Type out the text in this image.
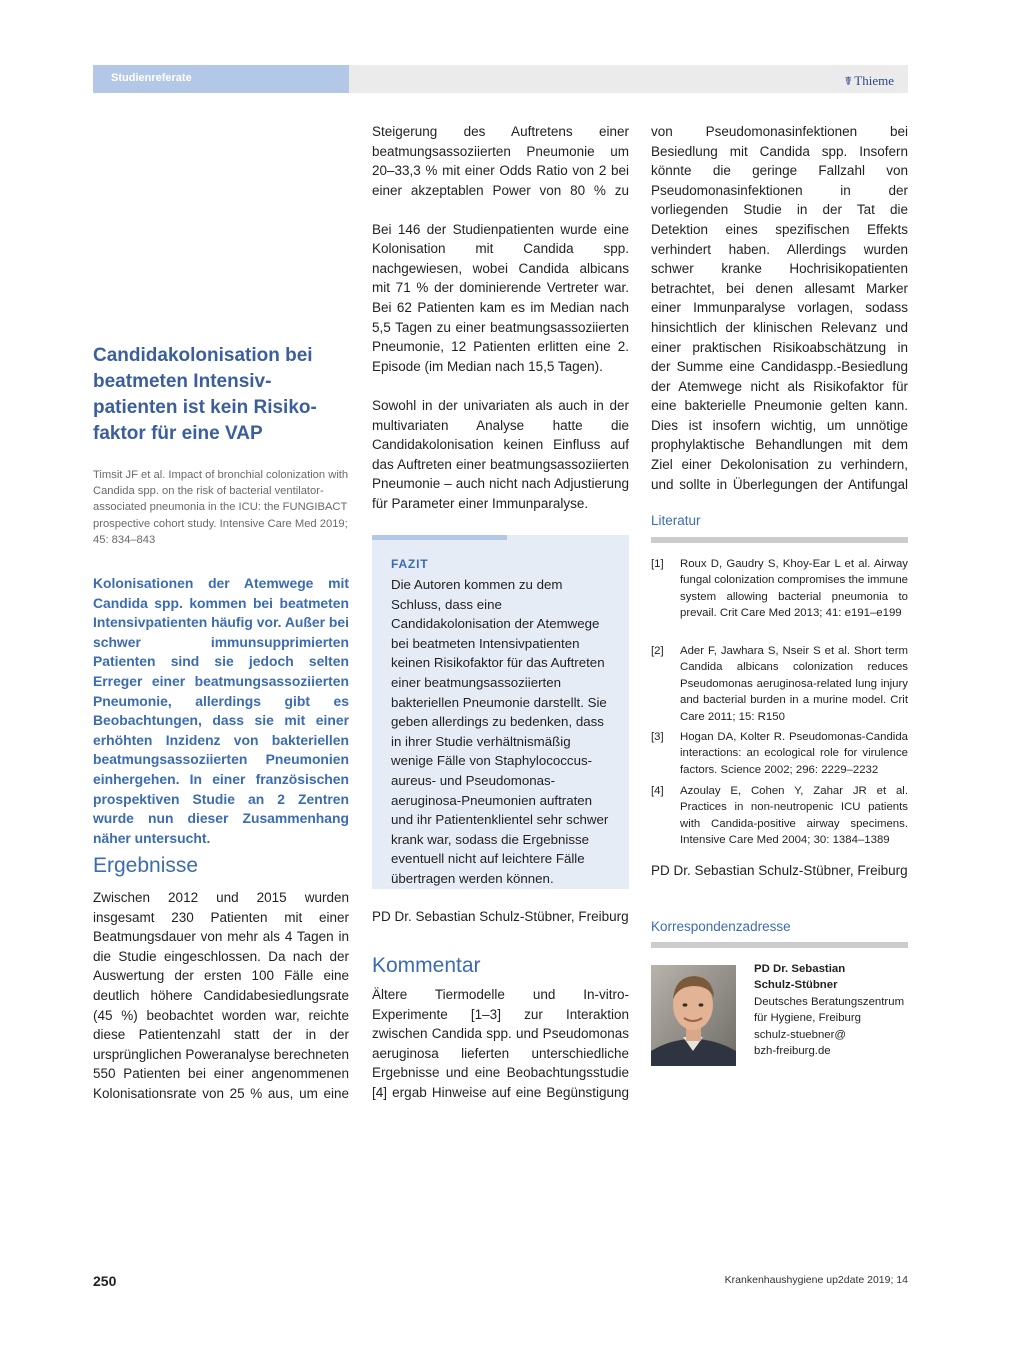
Studienreferate	☤ Thieme
Candidakolonisation bei beatmeten Intensiv-patienten ist kein Risiko-faktor für eine VAP
Timsit JF et al. Impact of bronchial colonization with Candida spp. on the risk of bacterial ventilator-associated pneumonia in the ICU: the FUNGIBACT prospective cohort study. Intensive Care Med 2019; 45: 834–843
Kolonisationen der Atemwege mit Candida spp. kommen bei beatmeten Intensivpatienten häufig vor. Außer bei schwer immunsupprimierten Patienten sind sie jedoch selten Erreger einer beatmungsassoziierten Pneumonie, allerdings gibt es Beobachtungen, dass sie mit einer erhöhten Inzidenz von bakteriellen beatmungsassoziierten Pneumonien einhergehen. In einer französischen prospektiven Studie an 2 Zentren wurde nun dieser Zusammenhang näher untersucht.
Ergebnisse

Zwischen 2012 und 2015 wurden insgesamt 230 Patienten mit einer Beatmungsdauer von mehr als 4 Tagen in die Studie eingeschlossen. Da nach der Auswertung der ersten 100 Fälle eine deutlich höhere Candidabesiedlungsrate (45 %) beobachtet worden war, reichte diese Patientenzahl statt der in der ursprünglichen Poweranalyse berechneten 550 Patienten bei einer angenommenen Kolonisationsrate von 25 % aus, um eine

Steigerung des Auftretens einer beatmungsassoziierten Pneumonie um 20–33,3 % mit einer Odds Ratio von 2 bei einer akzeptablen Power von 80 % zu

Bei 146 der Studienpatienten wurde eine Kolonisation mit Candida spp. nachgewiesen, wobei Candida albicans mit 71 % der dominierende Vertreter war. Bei 62 Patienten kam es im Median nach 5,5 Tagen zu einer beatmungsassoziierten Pneumonie, 12 Patienten erlitten eine 2. Episode (im Median nach 15,5 Tagen).

Sowohl in der univariaten als auch in der multivariaten Analyse hatte die Candidakolonisation keinen Einfluss auf das Auftreten einer beatmungsassoziierten Pneumonie – auch nicht nach Adjustierung für Parameter einer Immunparalyse.

FAZIT
Die Autoren kommen zu dem Schluss, dass eine Candidakolonisation der Atemwege bei beatmeten Intensivpatienten keinen Risikofaktor für das Auftreten einer beatmungsassoziierten bakteriellen Pneumonie darstellt. Sie geben allerdings zu bedenken, dass in ihrer Studie verhältnismäßig wenige Fälle von Staphylococcus-aureus- und Pseudomonas-aeruginosa-Pneumonien auftraten und ihr Patientenklientel sehr schwer krank war, sodass die Ergebnisse eventuell nicht auf leichtere Fälle übertragen werden können.
PD Dr. Sebastian Schulz-Stübner, Freiburg
Kommentar

Ältere Tiermodelle und In-vitro-Experimente [1–3] zur Interaktion zwischen Candida spp. und Pseudomonas aeruginosa lieferten unterschiedliche Ergebnisse und eine Beobachtungsstudie [4] ergab Hinweise auf eine Begünstigung

von Pseudomonasinfektionen bei Besiedlung mit Candida spp. Insofern könnte die geringe Fallzahl von Pseudomonasinfektionen in der vorliegenden Studie in der Tat die Detektion eines spezifischen Effekts verhindert haben. Allerdings wurden schwer kranke Hochrisikopatienten betrachtet, bei denen allesamt Marker einer Immunparalyse vorlagen, sodass hinsichtlich der klinischen Relevanz und einer praktischen Risikoabschätzung in der Summe eine Candidaspp.-Besiedlung der Atemwege nicht als Risikofaktor für eine bakterielle Pneumonie gelten kann. Dies ist insofern wichtig, um unnötige prophylaktische Behandlungen mit dem Ziel einer Dekolonisation zu verhindern, und sollte in Überlegungen der Antifungal

Literatur
[1] Roux D, Gaudry S, Khoy-Ear L et al. Airway fungal colonization compromises the immune system allowing bacterial pneumonia to prevail. Crit Care Med 2013; 41: e191–e199
[2] Ader F, Jawhara S, Nseir S et al. Short term Candida albicans colonization reduces Pseudomonas aeruginosa-related lung injury and bacterial burden in a murine model. Crit Care 2011; 15: R150
[3] Hogan DA, Kolter R. Pseudomonas-Candida interactions: an ecological role for virulence factors. Science 2002; 296: 2229–2232
[4] Azoulay E, Cohen Y, Zahar JR et al. Practices in non-neutropenic ICU patients with Candida-positive airway specimens. Intensive Care Med 2004; 30: 1384–1389
PD Dr. Sebastian Schulz-Stübner, Freiburg
Korrespondenzadresse
PD Dr. Sebastian
Schulz-Stübner
Deutsches Beratungszentrum
für Hygiene, Freiburg
schulz-stuebner@
bzh-freiburg.de
250	Krankenhaushygiene up2date 2019; 14
